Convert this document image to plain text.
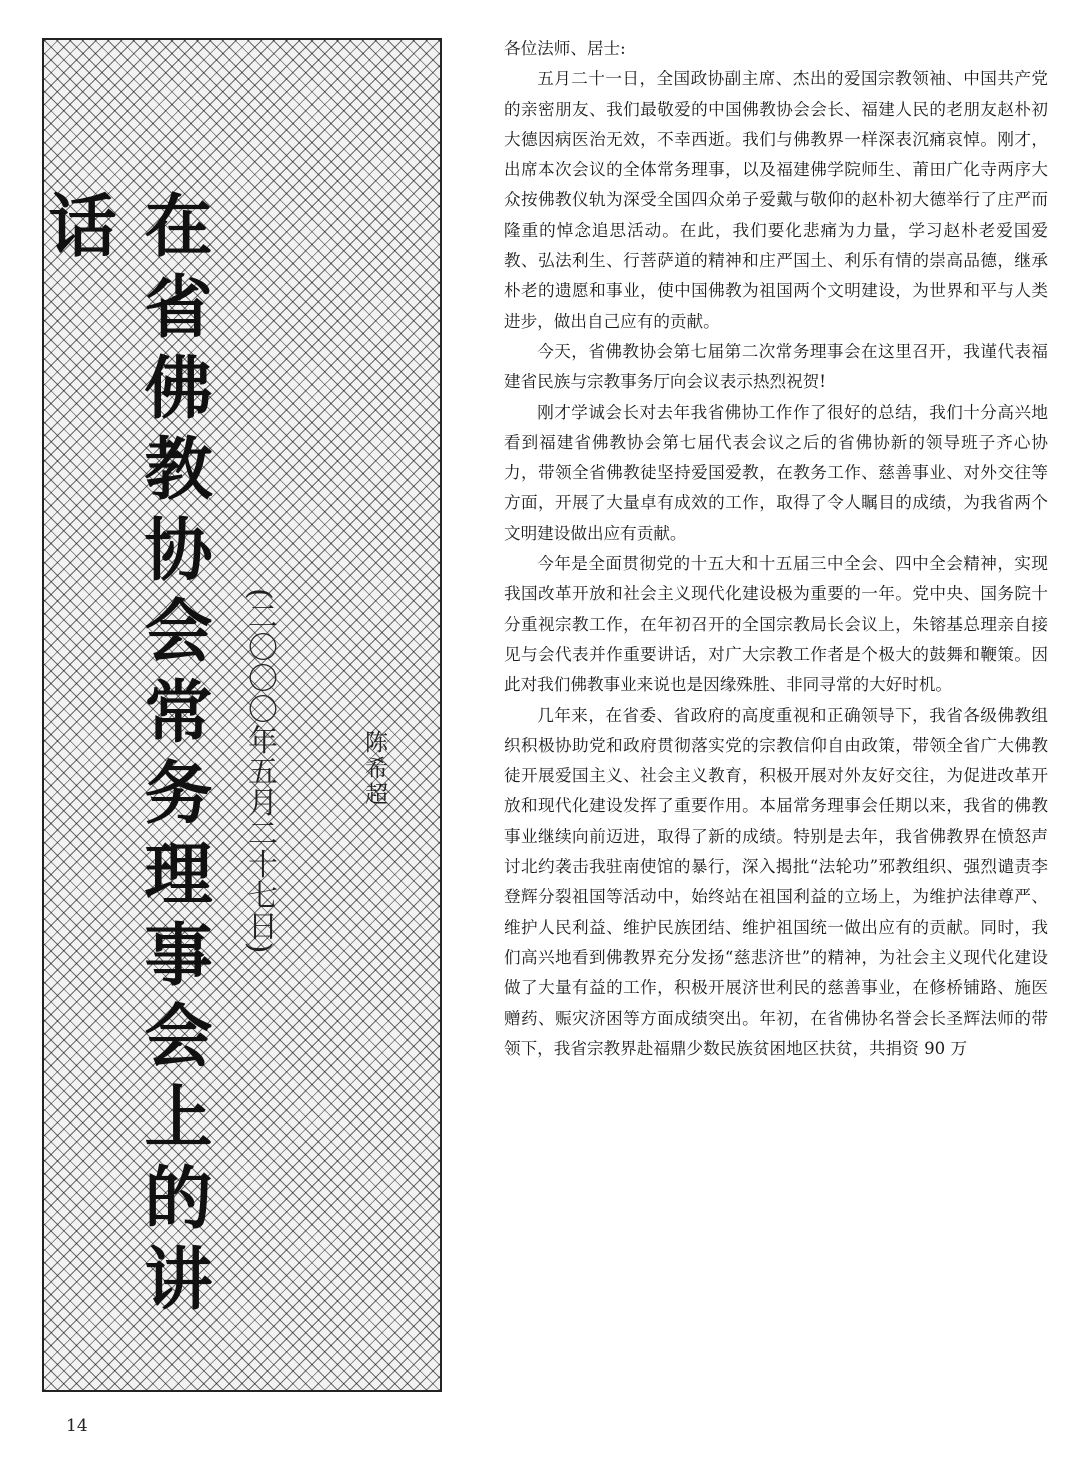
在省佛教协会常务理事会上的讲话
(二〇〇〇年五月二十七日)	陈希超

各位法师、居士:

五月二十一日，全国政协副主席、杰出的爱国宗教领袖、中国共产党的亲密朋友、我们最敬爱的中国佛教协会会长、福建人民的老朋友赵朴初大德因病医治无效，不幸西逝。我们与佛教界一样深表沉痛哀悼。刚才，出席本次会议的全体常务理事，以及福建佛学院师生、莆田广化寺两序大众按佛教仪轨为深受全国四众弟子爱戴与敬仰的赵朴初大德举行了庄严而隆重的悼念追思活动。在此，我们要化悲痛为力量，学习赵朴老爱国爱教、弘法利生、行菩萨道的精神和庄严国土、利乐有情的崇高品德，继承朴老的遗愿和事业，使中国佛教为祖国两个文明建设，为世界和平与人类进步，做出自己应有的贡献。

今天，省佛教协会第七届第二次常务理事会在这里召开，我谨代表福建省民族与宗教事务厅向会议表示热烈祝贺!

刚才学诚会长对去年我省佛协工作作了很好的总结，我们十分高兴地看到福建省佛教协会第七届代表会议之后的省佛协新的领导班子齐心协力，带领全省佛教徒坚持爱国爱教，在教务工作、慈善事业、对外交往等方面，开展了大量卓有成效的工作，取得了令人瞩目的成绩，为我省两个文明建设做出应有贡献。

今年是全面贯彻党的十五大和十五届三中全会、四中全会精神，实现我国改革开放和社会主义现代化建设极为重要的一年。党中央、国务院十分重视宗教工作，在年初召开的全国宗教局长会议上，朱镕基总理亲自接见与会代表并作重要讲话，对广大宗教工作者是个极大的鼓舞和鞭策。因此对我们佛教事业来说也是因缘殊胜、非同寻常的大好时机。

几年来，在省委、省政府的高度重视和正确领导下，我省各级佛教组织积极协助党和政府贯彻落实党的宗教信仰自由政策，带领全省广大佛教徒开展爱国主义、社会主义教育，积极开展对外友好交往，为促进改革开放和现代化建设发挥了重要作用。本届常务理事会任期以来，我省的佛教事业继续向前迈进，取得了新的成绩。特别是去年，我省佛教界在愤怒声讨北约袭击我驻南使馆的暴行，深入揭批“法轮功”邪教组织、强烈谴责李登辉分裂祖国等活动中，始终站在祖国利益的立场上，为维护法律尊严、维护人民利益、维护民族团结、维护祖国统一做出应有的贡献。同时，我们高兴地看到佛教界充分发扬“慈悲济世”的精神，为社会主义现代化建设做了大量有益的工作，积极开展济世利民的慈善事业，在修桥铺路、施医赠药、赈灾济困等方面成绩突出。年初，在省佛协名誉会长圣辉法师的带领下，我省宗教界赴福鼎少数民族贫困地区扶贫，共捐资 90 万

14
